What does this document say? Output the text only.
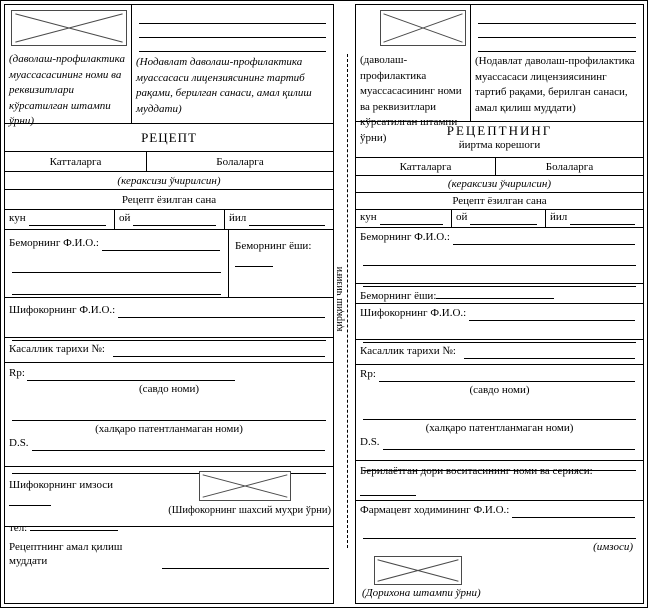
(даволаш-профилактика муассасасининг номи ва реквизитлари кўрсатилган штампи ўрни)
(Нодавлат даволаш-профилактика муассасаси лицензиясининг тартиб рақами, берилган санаси, амал қилиш муддати)
РЕЦЕПТ
Катталарга	Болаларга
(кераксизи ўчирилсин)
Рецепт ёзилган сана
кун	ой	йил
Беморнинг Ф.И.О.:	Беморнинг ёши:
Шифокорнинг Ф.И.О.:
Касаллик тарихи №:
Rp:
(савдо номи)
(халқаро патентланмаган номи)
D.S.
Шифокорнинг имзоси
тел:
(Шифокорнинг шахсий муҳри ўрни)
Рецептнинг амал қилиш муддати
қирқиш чизиғи
(даволаш-профилактика муассасасининг номи ва реквизитлари кўрсатилган штампи ўрни)
(Нодавлат даволаш-профилактика муассасаси лицензиясининг тартиб рақами, берилган санаси, амал қилиш муддати)
РЕЦЕПТНИНГ
йиртма корешоги
Катталарга	Болаларга
(кераксизи ўчирилсин)
Рецепт ёзилган сана
кун	ой	йил
Беморнинг Ф.И.О.:
Беморнинг ёши:
Шифокорнинг Ф.И.О.:
Касаллик тарихи №:
Rp:
(савдо номи)
(халқаро патентланмаган номи)
D.S.
Берилаётган дори воситасининг номи ва серияси:
Фармацевт ходимининг Ф.И.О.:
(имзоси)
(Дорихона штампи ўрни)
